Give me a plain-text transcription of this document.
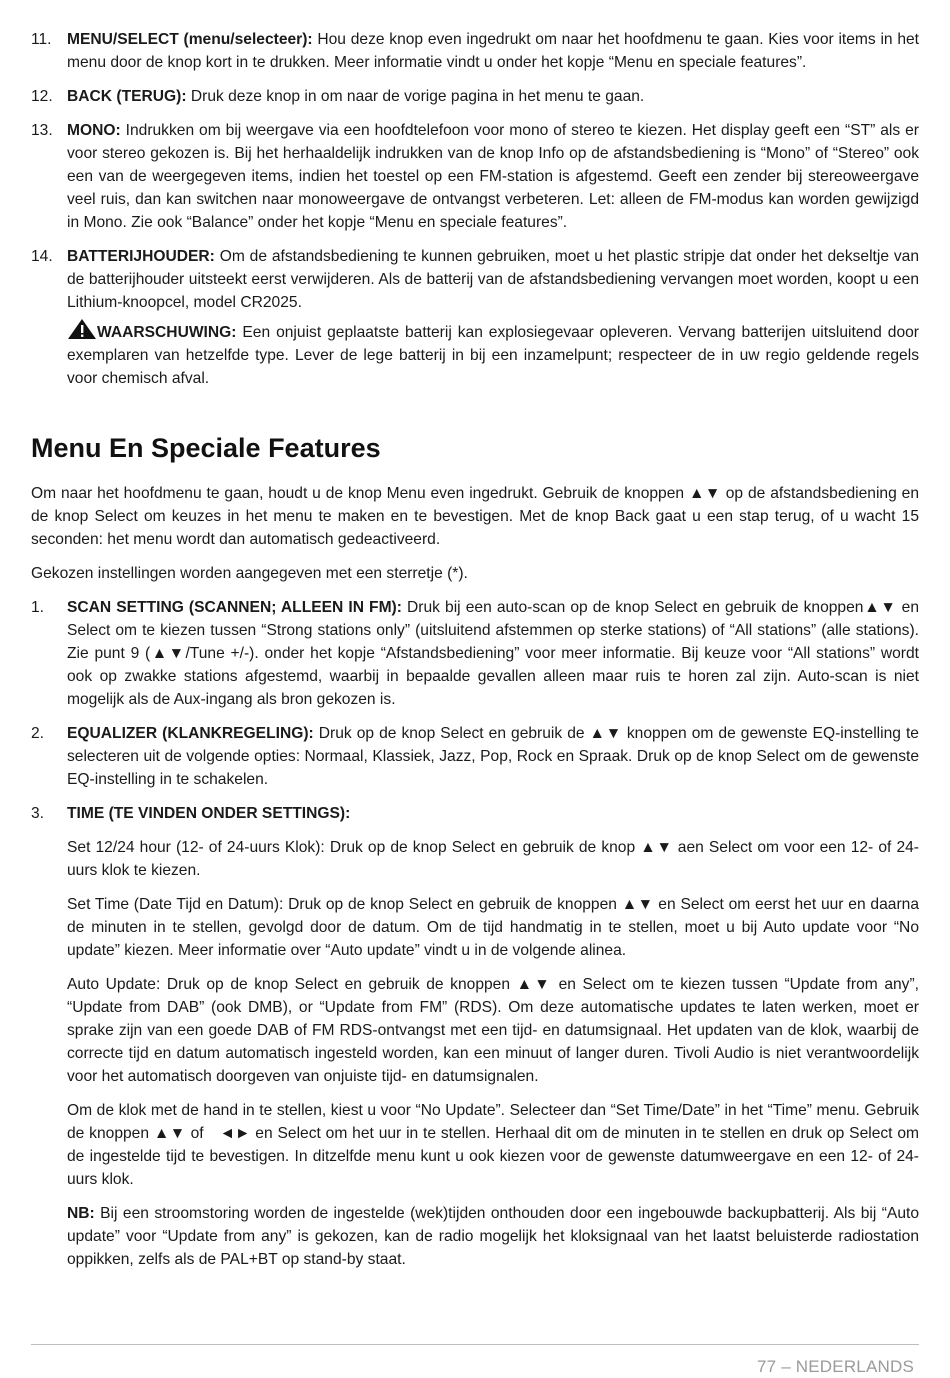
11. MENU/SELECT (menu/selecteer): Hou deze knop even ingedrukt om naar het hoofdmenu te gaan. Kies voor items in het menu door de knop kort in te drukken. Meer informatie vindt u onder het kopje “Menu en speciale features”.
12. BACK (TERUG): Druk deze knop in om naar de vorige pagina in het menu te gaan.
13. MONO: Indrukken om bij weergave via een hoofdtelefoon voor mono of stereo te kiezen. Het display geeft een “ST” als er voor stereo gekozen is. Bij het herhaaldelijk indrukken van de knop Info op de afstandsbediening is “Mono” of “Stereo” ook een van de weergegeven items, indien het toestel op een FM-station is afgestemd. Geeft een zender bij stereoweergave veel ruis, dan kan switchen naar monoweergave de ontvangst verbeteren. Let: alleen de FM-modus kan worden gewijzigd in Mono. Zie ook “Balance” onder het kopje “Menu en speciale features”.
14. BATTERIJHOUDER: Om de afstandsbediening te kunnen gebruiken, moet u het plastic stripje dat onder het dekseltje van de batterijhouder uitsteekt eerst verwijderen. Als de batterij van de afstandsbediening vervangen moet worden, koopt u een Lithium-knoopcel, model CR2025.
WAARSCHUWING: Een onjuist geplaatste batterij kan explosiegevaar opleveren. Vervang batterijen uitsluitend door exemplaren van hetzelfde type. Lever de lege batterij in bij een inzamelpunt; respecteer de in uw regio geldende regels voor chemisch afval.
Menu En Speciale Features

Om naar het hoofdmenu te gaan, houdt u de knop Menu even ingedrukt. Gebruik de knoppen ▲▼ op de afstandsbediening en de knop Select om keuzes in het menu te maken en te bevestigen. Met de knop Back gaat u een stap terug, of u wacht 15 seconden: het menu wordt dan automatisch gedeactiveerd.

Gekozen instellingen worden aangegeven met een sterretje (*).

1. SCAN SETTING (SCANNEN; ALLEEN IN FM): Druk bij een auto-scan op de knop Select en gebruik de knoppen▲▼ en Select om te kiezen tussen “Strong stations only” (uitsluitend afstemmen op sterke stations) of “All stations” (alle stations). Zie punt 9 (▲▼/Tune +/-). onder het kopje “Afstandsbediening” voor meer informatie. Bij keuze voor “All stations” wordt ook op zwakke stations afgestemd, waarbij in bepaalde gevallen alleen maar ruis te horen zal zijn. Auto-scan is niet mogelijk als de Aux-ingang als bron gekozen is.
2. EQUALIZER (KLANKREGELING): Druk op de knop Select en gebruik de ▲▼ knoppen om de gewenste EQ-instelling te selecteren uit de volgende opties: Normaal, Klassiek, Jazz, Pop, Rock en Spraak. Druk op de knop Select om de gewenste EQ-instelling in te schakelen.
3. TIME (TE VINDEN ONDER SETTINGS):

Set 12/24 hour (12- of 24-uurs Klok): Druk op de knop Select en gebruik de knop ▲▼ aen Select om voor een 12- of 24-uurs klok te kiezen.

Set Time (Date Tijd en Datum): Druk op de knop Select en gebruik de knoppen ▲▼ en Select om eerst het uur en daarna de minuten in te stellen, gevolgd door de datum. Om de tijd handmatig in te stellen, moet u bij Auto update voor “No update” kiezen. Meer informatie over “Auto update” vindt u in de volgende alinea.

Auto Update: Druk op de knop Select en gebruik de knoppen ▲▼ en Select om te kiezen tussen “Update from any”, “Update from DAB” (ook DMB), or “Update from FM” (RDS). Om deze automatische updates te laten werken, moet er sprake zijn van een goede DAB of FM RDS-ontvangst met een tijd- en datumsignaal. Het updaten van de klok, waarbij de correcte tijd en datum automatisch ingesteld worden, kan een minuut of langer duren. Tivoli Audio is niet verantwoordelijk voor het automatisch doorgeven van onjuiste tijd- en datumsignalen.

Om de klok met de hand in te stellen, kiest u voor “No Update”. Selecteer dan “Set Time/Date” in het “Time” menu. Gebruik de knoppen ▲▼ of ◄► en Select om het uur in te stellen. Herhaal dit om de minuten in te stellen en druk op Select om de ingestelde tijd te bevestigen. In ditzelfde menu kunt u ook kiezen voor de gewenste datumweergave en een 12- of 24-uurs klok.

NB: Bij een stroomstoring worden de ingestelde (wek)tijden onthouden door een ingebouwde backupbatterij. Als bij “Auto update” voor “Update from any” is gekozen, kan de radio mogelijk het kloksignaal van het laatst beluisterde radiostation oppikken, zelfs als de PAL+BT op stand-by staat.

77 – NEDERLANDS
